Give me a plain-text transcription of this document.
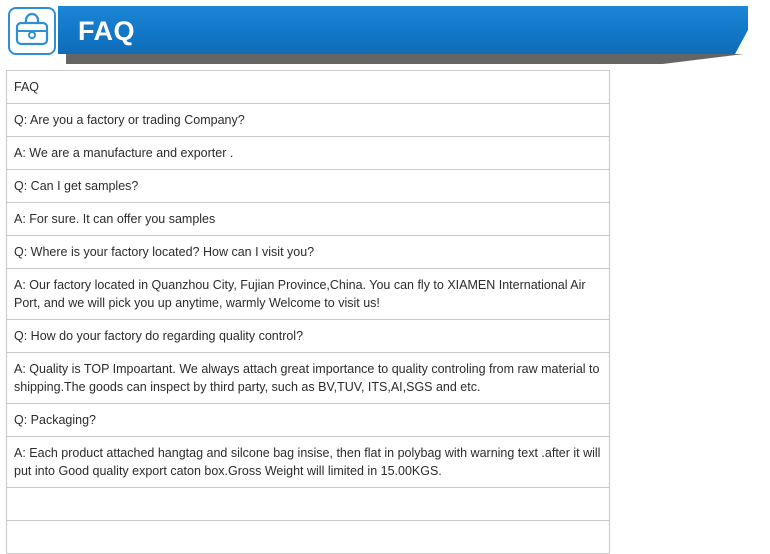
FAQ
FAQ
Q: Are you a factory or trading Company?
A: We are a manufacture and exporter .
Q: Can I get samples?
A: For sure. It can offer you samples
Q: Where is your factory located? How can I visit you?
A: Our factory located in Quanzhou City, Fujian Province,China. You can fly to XIAMEN International Air Port, and we will pick you up anytime, warmly Welcome to visit us!
Q: How do your factory do regarding quality control?
A: Quality is TOP Impoartant. We always attach great importance to quality controling from raw material to shipping.The goods can inspect by third party, such as BV,TUV, ITS,AI,SGS and etc.
Q: Packaging?
A: Each product attached hangtag and silcone bag insise, then flat in polybag with warning text .after it will put into Good quality export caton box.Gross Weight will limited in 15.00KGS.
